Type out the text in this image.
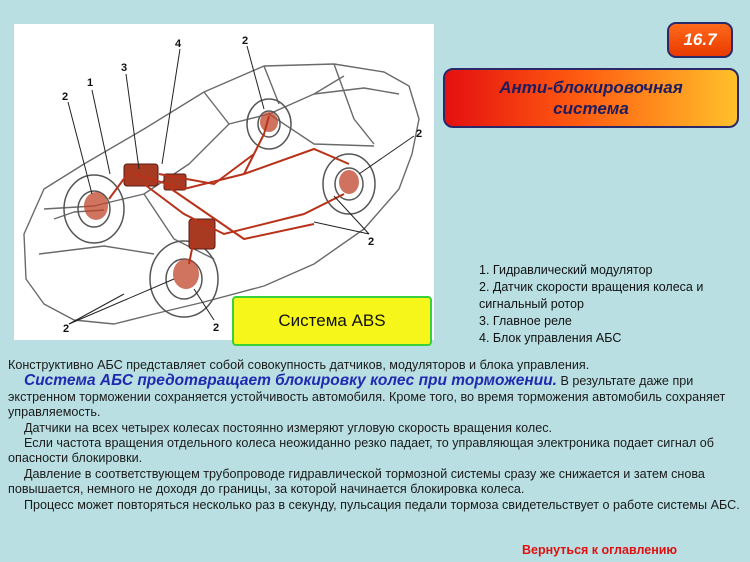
1
2
2
2
2
2
2
3
4	16.7
Анти-блокировочная
система
Система ABS
1. Гидравлический модулятор
2. Датчик скорости вращения колеса и
сигнальный ротор
3. Главное реле
4. Блок управления АБС

Конструктивно АБС представляет собой совокупность датчиков, модуляторов и блока управления.

Система АБС предотвращает блокировку колес при торможении. В результате даже при экстренном торможении сохраняется устойчивость автомобиля. Кроме того, во время торможения автомобиль сохраняет управляемость.

Датчики на всех четырех колесах постоянно измеряют угловую скорость вращения колес.

Если частота вращения отдельного колеса неожиданно резко падает, то управляющая электроника подает сигнал об опасности блокировки.

Давление в соответствующем трубопроводе гидравлической тормозной системы сразу же снижается и затем снова повышается, немного не доходя до границы, за которой начинается блокировка колеса.

Процесс может повторяться несколько раз в секунду, пульсация педали тормоза свидетельствует о работе системы АБС.

Вернуться к оглавлению
